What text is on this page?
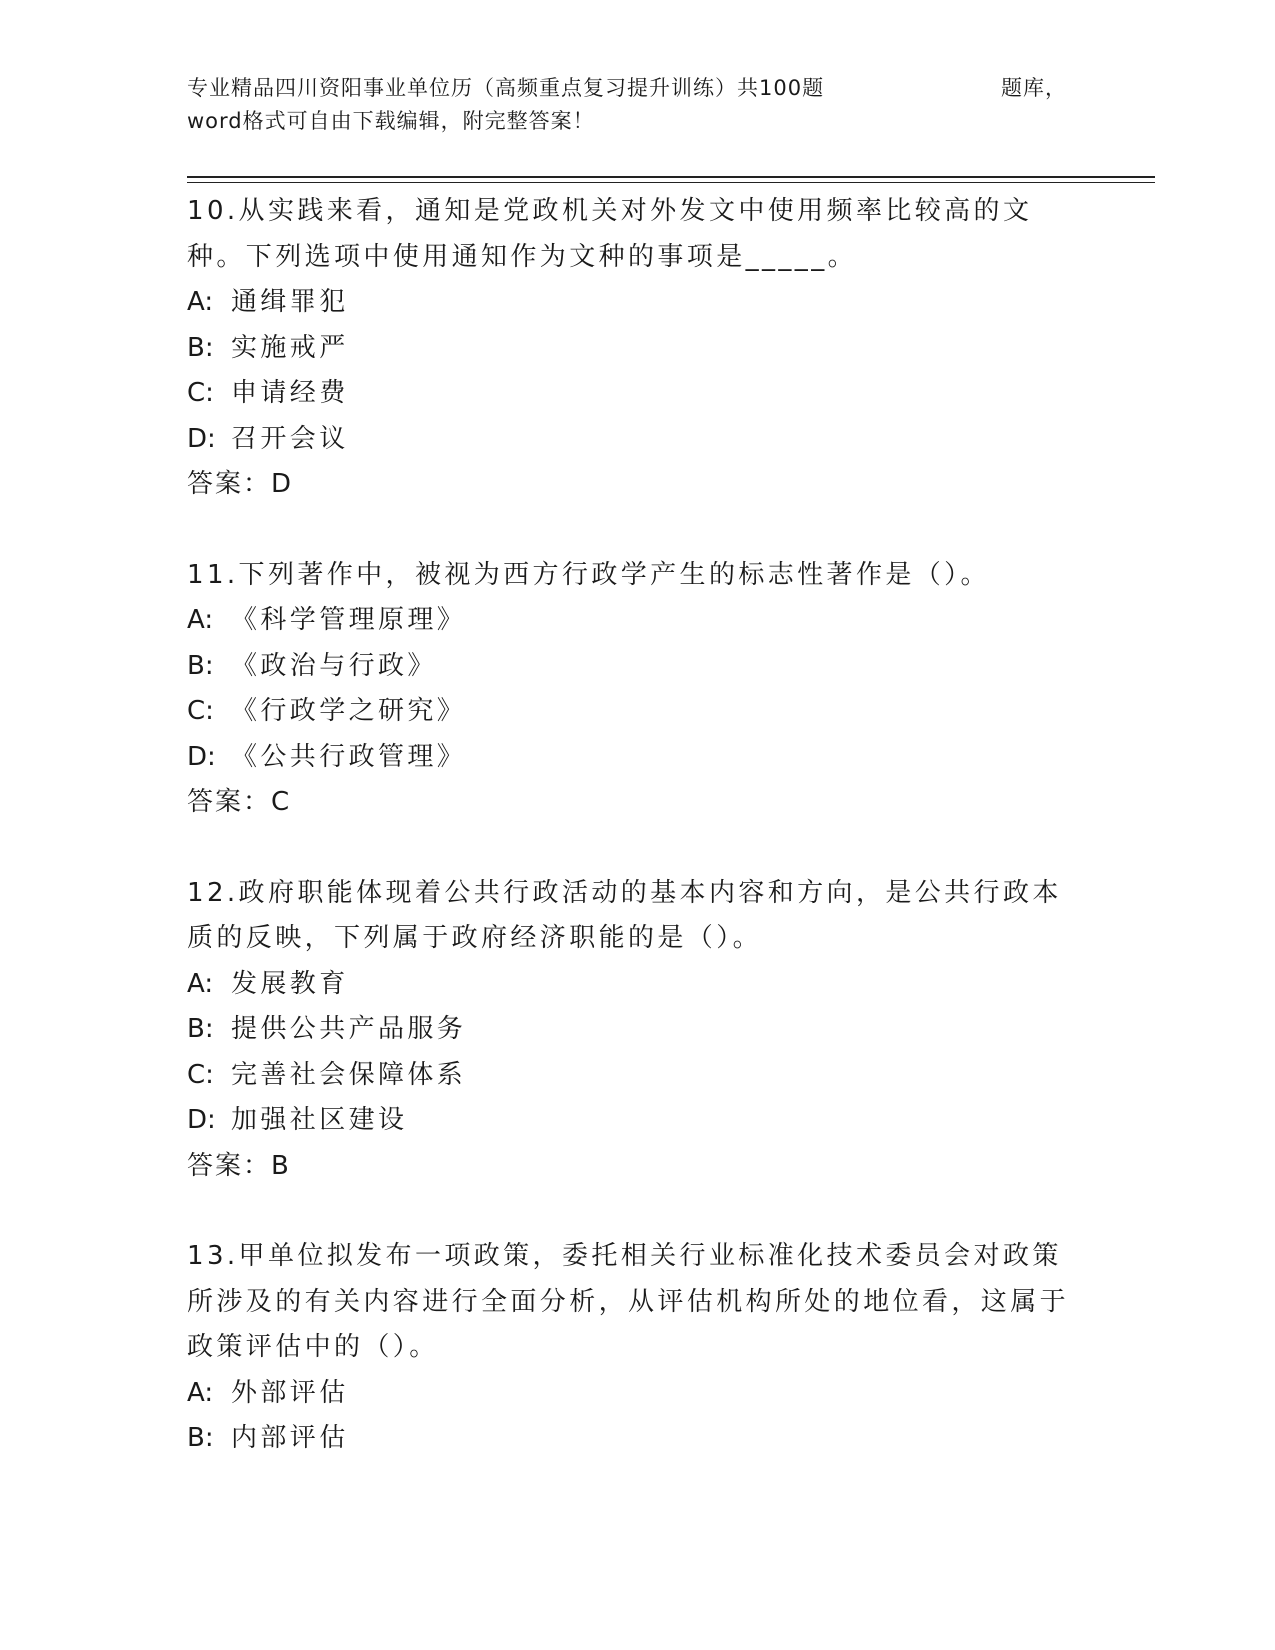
专业精品四川资阳事业单位历（高频重点复习提升训练）共100题	题库，
word格式可自由下载编辑，附完整答案！

10.从实践来看，通知是党政机关对外发文中使用频率比较高的文种。下列选项中使用通知作为文种的事项是_____。

A: 通缉罪犯
B: 实施戒严
C: 申请经费
D: 召开会议
答案：D

11.下列著作中，被视为西方行政学产生的标志性著作是（）。

A: 《科学管理原理》
B: 《政治与行政》
C: 《行政学之研究》
D: 《公共行政管理》
答案：C

12.政府职能体现着公共行政活动的基本内容和方向，是公共行政本质的反映，下列属于政府经济职能的是（）。

A: 发展教育
B: 提供公共产品服务
C: 完善社会保障体系
D: 加强社区建设
答案：B

13.甲单位拟发布一项政策，委托相关行业标准化技术委员会对政策所涉及的有关内容进行全面分析，从评估机构所处的地位看，这属于政策评估中的（）。

A: 外部评估
B: 内部评估
